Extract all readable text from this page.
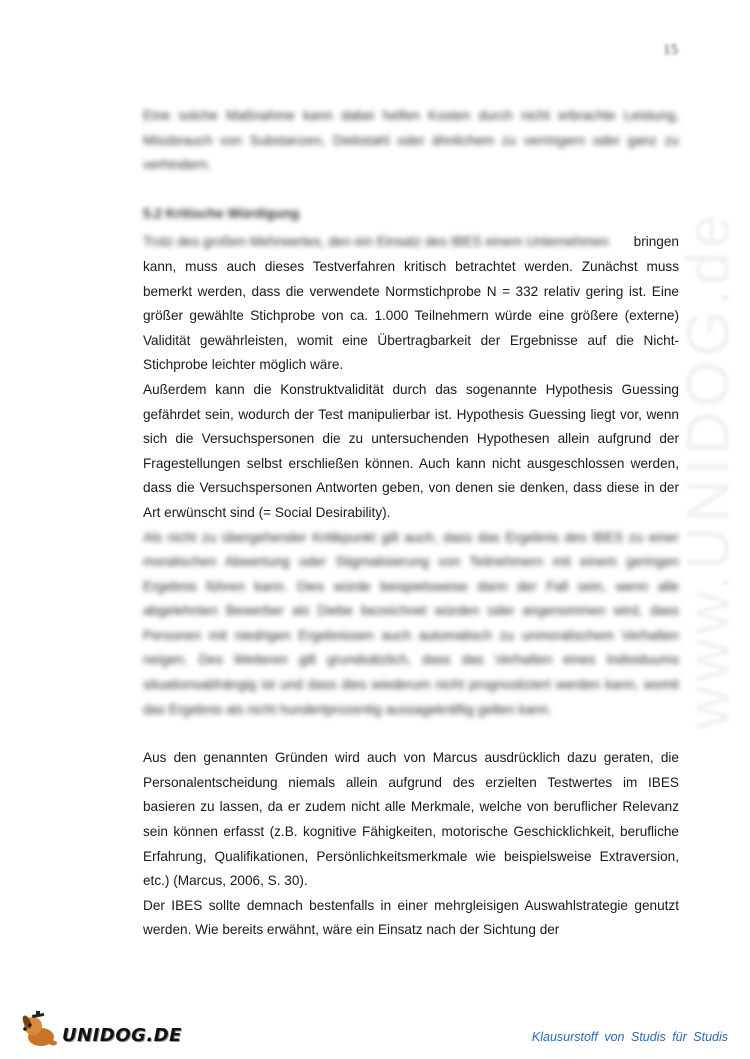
15
www.UNIDOG.de

Eine solche Maßnahme kann dabei helfen Kosten durch nicht erbrachte Leistung, Missbrauch von Substanzen, Diebstahl oder ähnlichem zu verringern oder ganz zu verhindern.

5.2 Kritische Würdigung

Trotz des großen Mehrwertes, den ein Einsatz des IBES einem Unternehmen bringen kann, muss auch dieses Testverfahren kritisch betrachtet werden. Zunächst muss bemerkt werden, dass die verwendete Normstichprobe N = 332 relativ gering ist. Eine größer gewählte Stichprobe von ca. 1.000 Teilnehmern würde eine größere (externe) Validität gewährleisten, womit eine Übertragbarkeit der Ergebnisse auf die Nicht-Stichprobe leichter möglich wäre.

Außerdem kann die Konstruktvalidität durch das sogenannte Hypothesis Guessing gefährdet sein, wodurch der Test manipulierbar ist. Hypothesis Guessing liegt vor, wenn sich die Versuchspersonen die zu untersuchenden Hypothesen allein aufgrund der Fragestellungen selbst erschließen können. Auch kann nicht ausgeschlossen werden, dass die Versuchspersonen Antworten geben, von denen sie denken, dass diese in der Art erwünscht sind (= Social Desirability).

Als nicht zu übergehender Kritikpunkt gilt auch, dass das Ergebnis des IBES zu einer moralischen Abwertung oder Stigmatisierung von Teilnehmern mit einem geringen Ergebnis führen kann. Dies würde beispielsweise dann der Fall sein, wenn alle abgelehnten Bewerber als Diebe bezeichnet würden oder angenommen wird, dass Personen mit niedrigen Ergebnissen auch automatisch zu unmoralischem Verhalten neigen. Des Weiteren gilt grundsätzlich, dass das Verhalten eines Individuums situationsabhängig ist und dass dies wiederum nicht prognostiziert werden kann, womit das Ergebnis als nicht hundertprozentig aussagekräftig gelten kann.

Aus den genannten Gründen wird auch von Marcus ausdrücklich dazu geraten, die Personalentscheidung niemals allein aufgrund des erzielten Testwertes im IBES basieren zu lassen, da er zudem nicht alle Merkmale, welche von beruflicher Relevanz sein können erfasst (z.B. kognitive Fähigkeiten, motorische Geschicklichkeit, berufliche Erfahrung, Qualifikationen, Persönlichkeitsmerkmale wie beispielsweise Extraversion, etc.) (Marcus, 2006, S. 30).

Der IBES sollte demnach bestenfalls in einer mehrgleisigen Auswahlstrategie genutzt werden. Wie bereits erwähnt, wäre ein Einsatz nach der Sichtung der

UNIDOG.DE	Klausurstoff von Studis für Studis
